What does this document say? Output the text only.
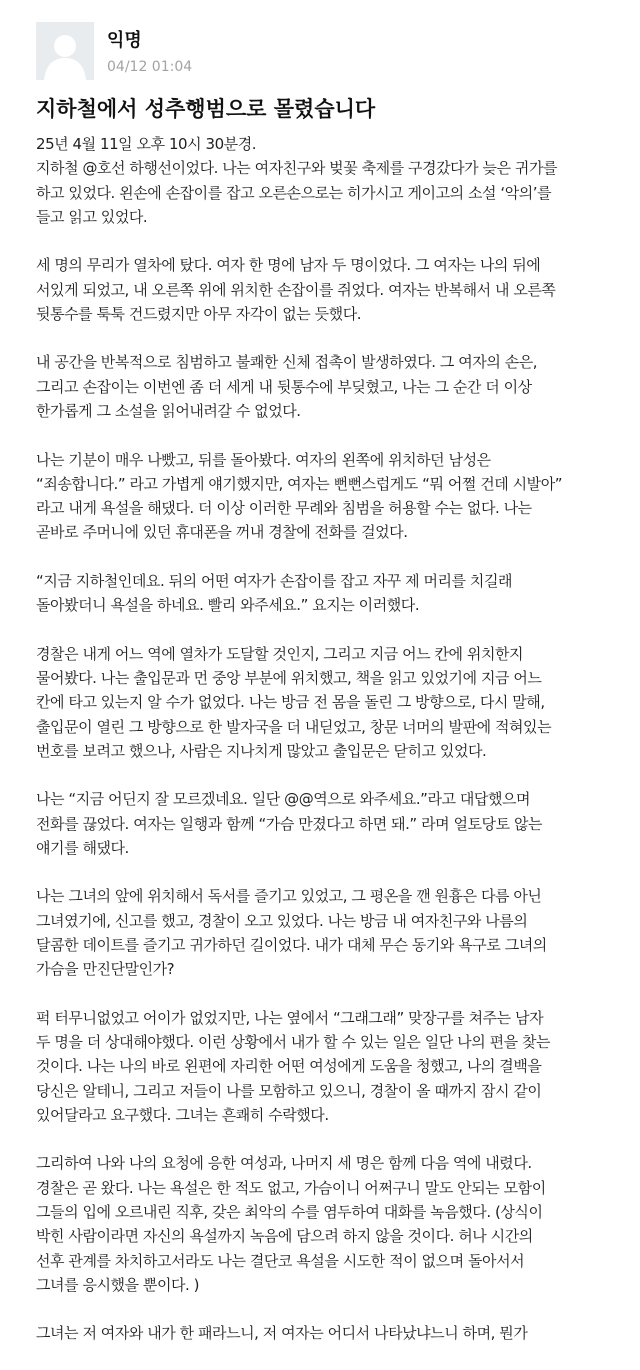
익명
04/12 01:04
지하철에서 성추행범으로 몰렸습니다

25년 4월 11일 오후 10시 30분경.
지하철 @호선 하행선이었다. 나는 여자친구와 벚꽃 축제를 구경갔다가 늦은 귀가를
하고 있었다. 왼손에 손잡이를 잡고 오른손으로는 히가시고 게이고의 소설 ‘악의’를
들고 읽고 있었다.

세 명의 무리가 열차에 탔다. 여자 한 명에 남자 두 명이었다. 그 여자는 나의 뒤에
서있게 되었고, 내 오른쪽 위에 위치한 손잡이를 쥐었다. 여자는 반복해서 내 오른쪽
뒷통수를 툭툭 건드렸지만 아무 자각이 없는 듯했다.

내 공간을 반복적으로 침범하고 불쾌한 신체 접촉이 발생하였다. 그 여자의 손은,
그리고 손잡이는 이번엔 좀 더 세게 내 뒷통수에 부딪혔고, 나는 그 순간 더 이상
한가롭게 그 소설을 읽어내려갈 수 없었다.

나는 기분이 매우 나빴고, 뒤를 돌아봤다. 여자의 왼쪽에 위치하던 남성은
“죄송합니다.” 라고 가볍게 얘기했지만, 여자는 뻔뻔스럽게도 “뭐 어쩔 건데 시발아”
라고 내게 욕설을 해댔다. 더 이상 이러한 무례와 침범을 허용할 수는 없다. 나는
곧바로 주머니에 있던 휴대폰을 꺼내 경찰에 전화를 걸었다.

“지금 지하철인데요. 뒤의 어떤 여자가 손잡이를 잡고 자꾸 제 머리를 치길래
돌아봤더니 욕설을 하네요. 빨리 와주세요.” 요지는 이러했다.

경찰은 내게 어느 역에 열차가 도달할 것인지, 그리고 지금 어느 칸에 위치한지
물어봤다. 나는 출입문과 먼 중앙 부분에 위치했고, 책을 읽고 있었기에 지금 어느
칸에 타고 있는지 알 수가 없었다. 나는 방금 전 몸을 돌린 그 방향으로, 다시 말해,
출입문이 열린 그 방향으로 한 발자국을 더 내딛었고, 창문 너머의 발판에 적혀있는
번호를 보려고 했으나, 사람은 지나치게 많았고 출입문은 닫히고 있었다.

나는 “지금 어딘지 잘 모르겠네요. 일단 @@역으로 와주세요.”라고 대답했으며
전화를 끊었다. 여자는 일행과 함께 “가슴 만졌다고 하면 돼.” 라며 얼토당토 않는
얘기를 해댔다.

나는 그녀의 앞에 위치해서 독서를 즐기고 있었고, 그 평온을 깬 원흉은 다름 아닌
그녀였기에, 신고를 했고, 경찰이 오고 있었다. 나는 방금 내 여자친구와 나름의
달콤한 데이트를 즐기고 귀가하던 길이었다. 내가 대체 무슨 동기와 욕구로 그녀의
가슴을 만진단말인가?

퍽 터무니없었고 어이가 없었지만, 나는 옆에서 “그래그래” 맞장구를 쳐주는 남자
두 명을 더 상대해야했다. 이런 상황에서 내가 할 수 있는 일은 일단 나의 편을 찾는
것이다. 나는 나의 바로 왼편에 자리한 어떤 여성에게 도움을 청했고, 나의 결백을
당신은 알테니, 그리고 저들이 나를 모함하고 있으니, 경찰이 올 때까지 잠시 같이
있어달라고 요구했다. 그녀는 흔쾌히 수락했다.

그리하여 나와 나의 요청에 응한 여성과, 나머지 세 명은 함께 다음 역에 내렸다.
경찰은 곧 왔다. 나는 욕설은 한 적도 없고, 가슴이니 어쩌구니 말도 안되는 모함이
그들의 입에 오르내린 직후, 갖은 최악의 수를 염두하여 대화를 녹음했다. (상식이
박힌 사람이라면 자신의 욕설까지 녹음에 담으려 하지 않을 것이다. 허나 시간의
선후 관계를 차치하고서라도 나는 결단코 욕설을 시도한 적이 없으며 돌아서서
그녀를 응시했을 뿐이다. )

그녀는 저 여자와 내가 한 패라느니, 저 여자는 어디서 나타났냐느니 하며, 뭔가
